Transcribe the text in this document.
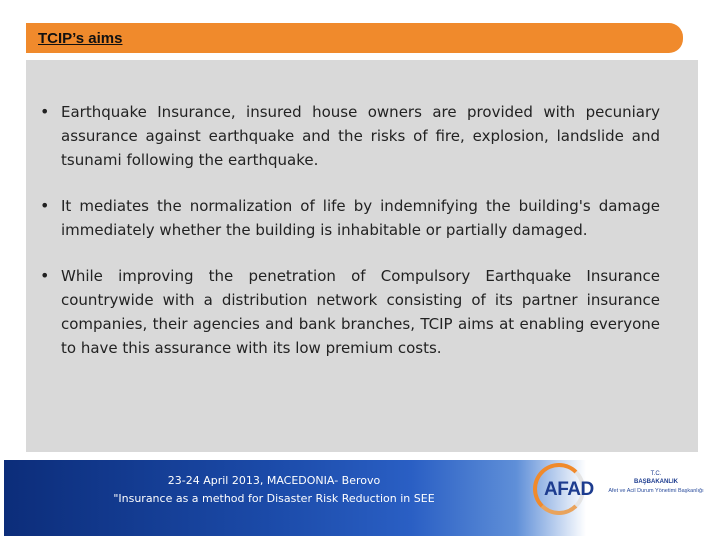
TCIP’s aims
• Earthquake Insurance, insured house owners are provided with pecuniary assurance against earthquake and the risks of fire, explosion, landslide and tsunami following the earthquake.
• It mediates the normalization of life by indemnifying the building's damage immediately whether the building is inhabitable or partially damaged.
• While improving the penetration of Compulsory Earthquake Insurance countrywide with a distribution network consisting of its partner insurance companies, their agencies and bank branches, TCIP aims at enabling everyone to have this assurance with its low premium costs.
23-24 April 2013, MACEDONIA- Berovo
"Insurance as a method for Disaster Risk Reduction in SEE	AFAD
T.C.
BAŞBAKANLIK
Afet ve Acil Durum Yönetimi Başkanlığı
